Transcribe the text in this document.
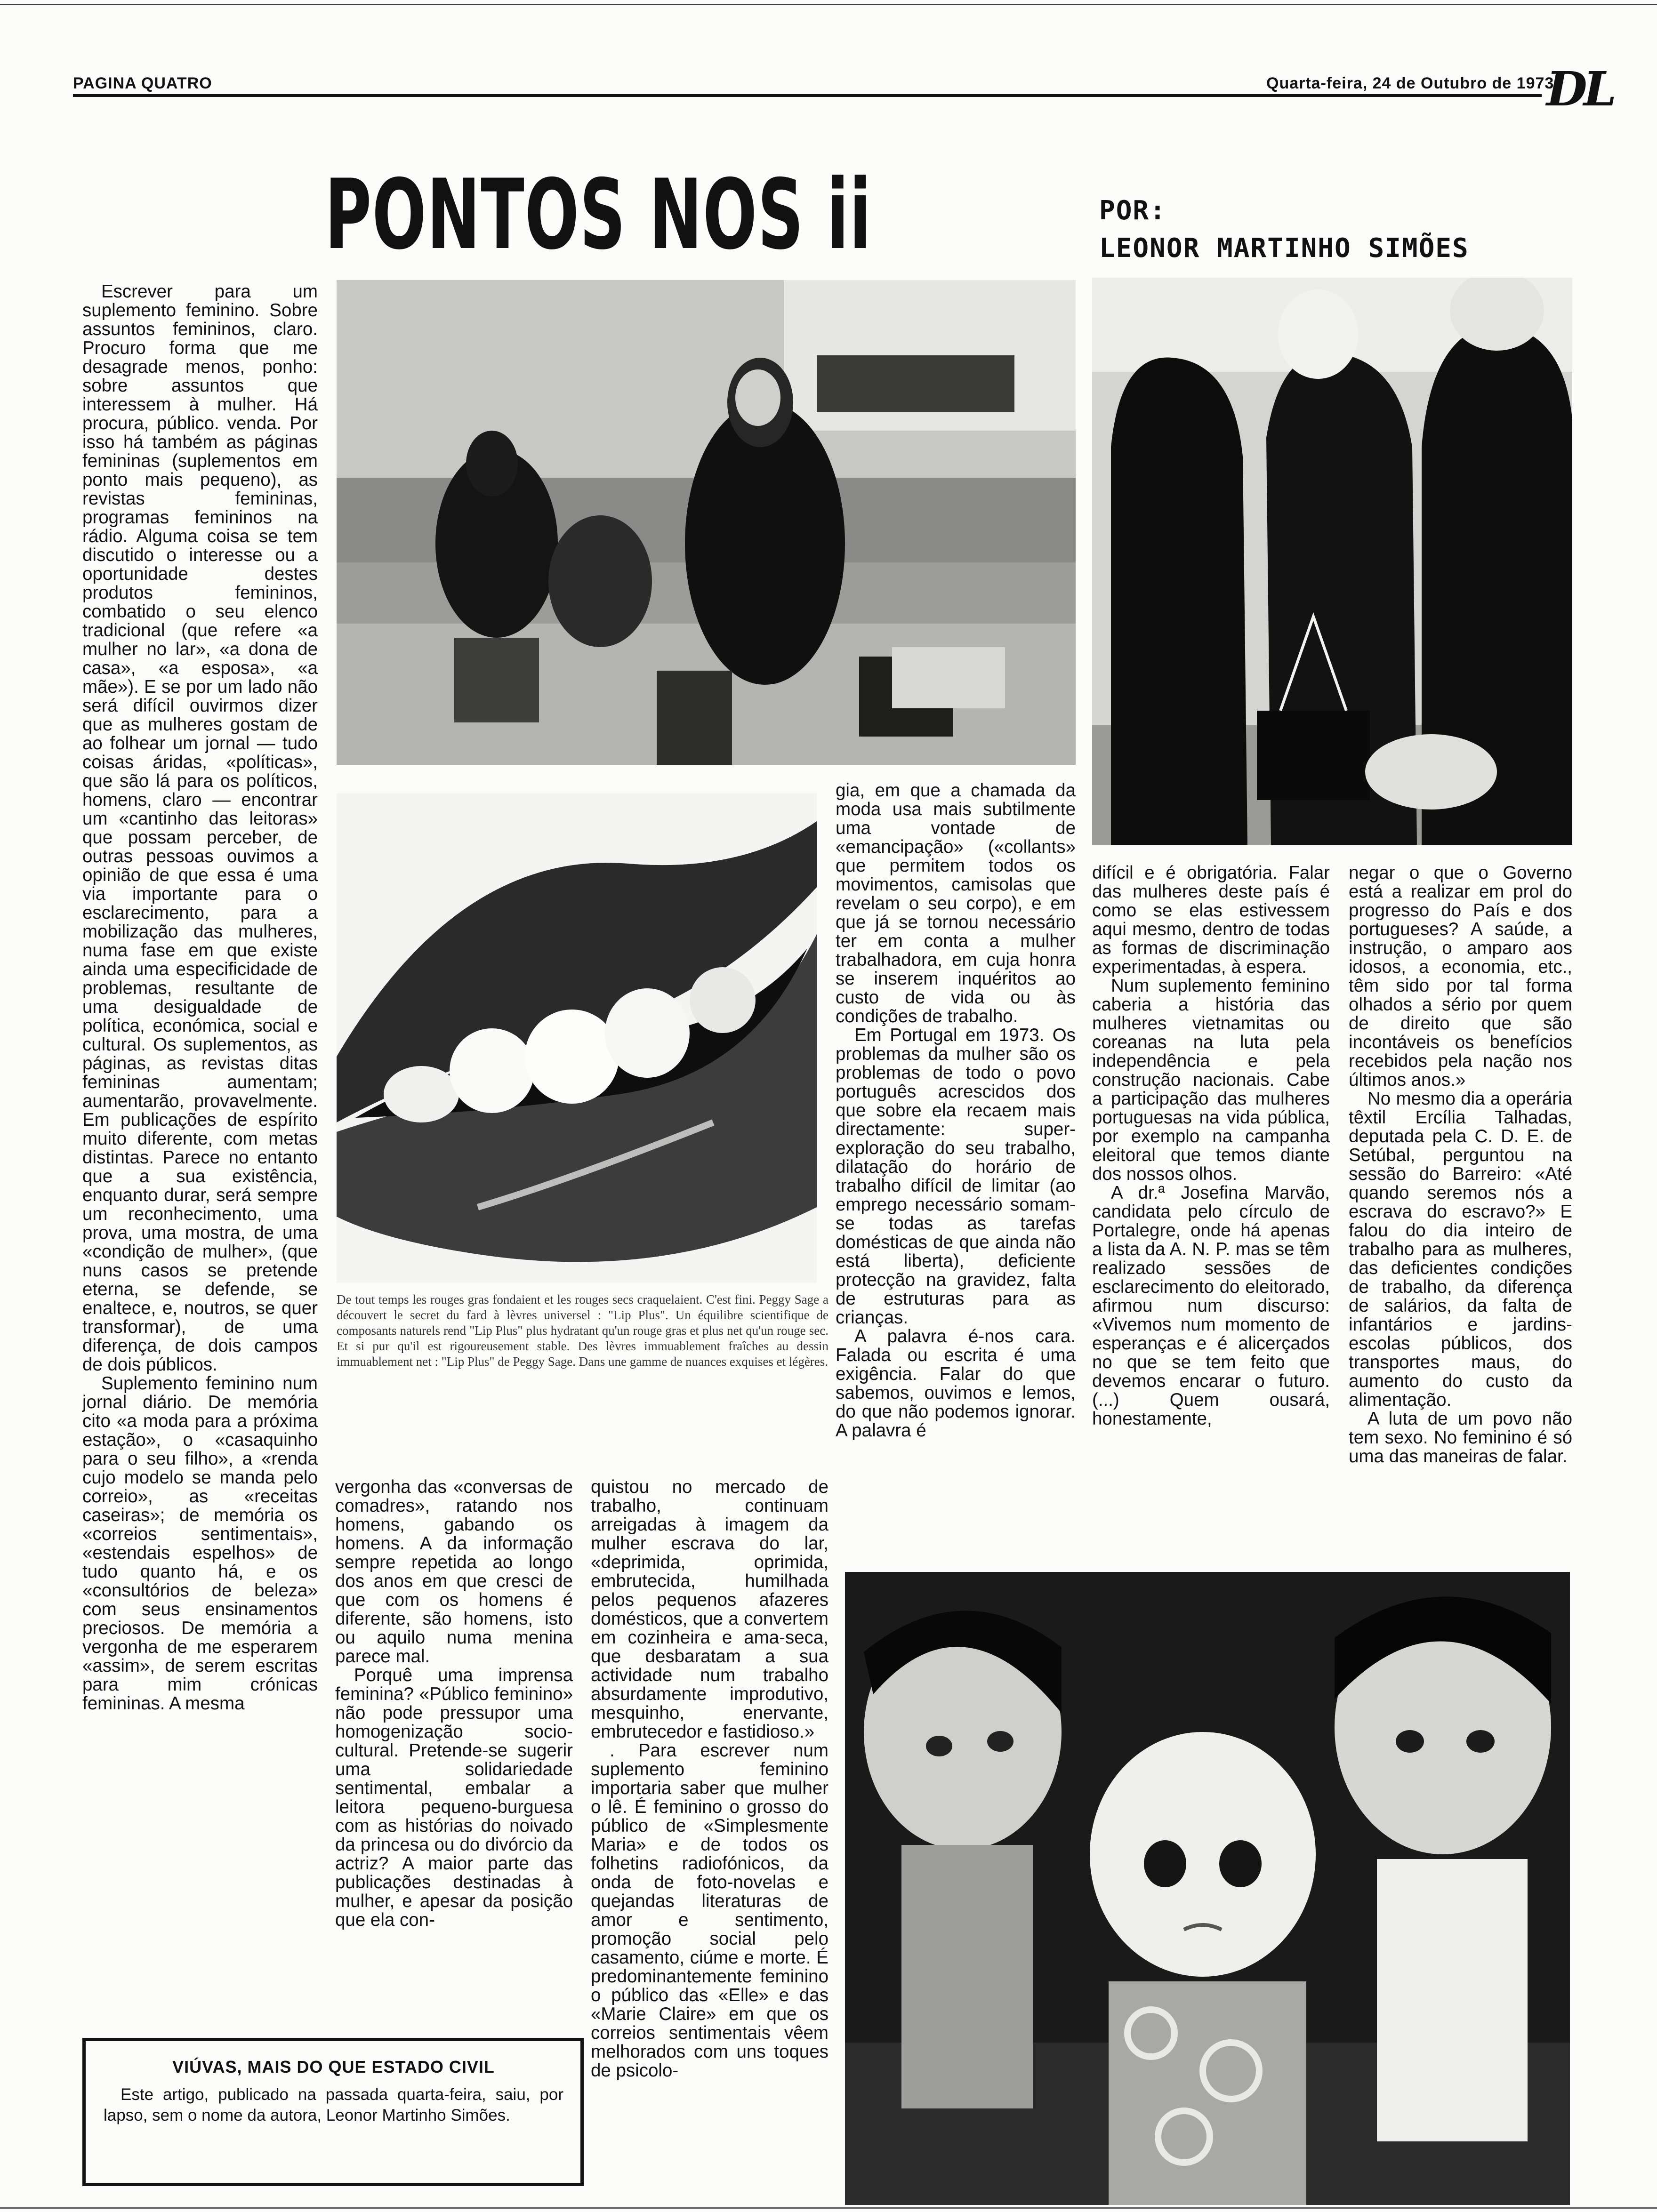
PAGINA QUATRO	Quarta-feira, 24 de Outubro de 1973
DL
PONTOS NOS ii	POR:
LEONOR MARTINHO SIMÕES
De tout temps les rouges gras fondaient et les rouges secs craquelaient. C'est fini. Peggy Sage a découvert le secret du fard à lèvres universel : "Lip Plus". Un équilibre scientifique de composants naturels rend "Lip Plus" plus hydratant qu'un rouge gras et plus net qu'un rouge sec. Et si pur qu'il est rigoureusement stable. Des lèvres immuablement fraîches au dessin immuablement net : "Lip Plus" de Peggy Sage. Dans une gamme de nuances exquises et légères.

Escrever para um suplemento feminino. Sobre assuntos femininos, claro. Procuro forma que me desagrade menos, ponho: sobre assuntos que interessem à mulher. Há procura, público. venda. Por isso há também as páginas femininas (suplementos em ponto mais pequeno), as revistas femininas, programas femininos na rádio. Alguma coisa se tem discutido o interesse ou a oportunidade destes produtos femininos, combatido o seu elenco tradicional (que refere «a mulher no lar», «a dona de casa», «a esposa», «a mãe»). E se por um lado não será difícil ouvirmos dizer que as mulheres gostam de ao folhear um jornal — tudo coisas áridas, «políticas», que são lá para os políticos, homens, claro — encontrar um «cantinho das leitoras» que possam perceber, de outras pessoas ouvimos a opinião de que essa é uma via importante para o esclarecimento, para a mobilização das mulheres, numa fase em que existe ainda uma especificidade de problemas, resultante de uma desigualdade de política, económica, social e cultural. Os suplementos, as páginas, as revistas ditas femininas aumentam; aumentarão, provavelmente. Em publicações de espírito muito diferente, com metas distintas. Parece no entanto que a sua existência, enquanto durar, será sempre um reconhecimento, uma prova, uma mostra, de uma «condição de mulher», (que nuns casos se pretende eterna, se defende, se enaltece, e, noutros, se quer transformar), de uma diferença, de dois campos de dois públicos.

Suplemento feminino num jornal diário. De memória cito «a moda para a próxima estação», o «casaquinho para o seu filho», a «renda cujo modelo se manda pelo correio», as «receitas caseiras»; de memória os «correios sentimentais», «estendais espelhos» de tudo quanto há, e os «consultórios de beleza» com seus ensinamentos preciosos. De memória a vergonha de me esperarem «assim», de serem escritas para mim crónicas femininas. A mesma

vergonha das «conversas de comadres», ratando nos homens, gabando os homens. A da informação sempre repetida ao longo dos anos em que cresci de que com os homens é diferente, são homens, isto ou aquilo numa menina parece mal.

Porquê uma imprensa feminina? «Público feminino» não pode pressupor uma homogenização socio-cultural. Pretende-se sugerir uma solidariedade sentimental, embalar a leitora pequeno-burguesa com as histórias do noivado da princesa ou do divórcio da actriz? A maior parte das publicações destinadas à mulher, e apesar da posição que ela con-

quistou no mercado de trabalho, continuam arreigadas à imagem da mulher escrava do lar, «deprimida, oprimida, embrutecida, humilhada pelos pequenos afazeres domésticos, que a convertem em cozinheira e ama-seca, que desbaratam a sua actividade num trabalho absurdamente improdutivo, mesquinho, enervante, embrutecedor e fastidioso.»

. Para escrever num suplemento feminino importaria saber que mulher o lê. É feminino o grosso do público de «Simplesmente Maria» e de todos os folhetins radiofónicos, da onda de foto-novelas e quejandas literaturas de amor e sentimento, promoção social pelo casamento, ciúme e morte. É predominantemente feminino o público das «Elle» e das «Marie Claire» em que os correios sentimentais vêem melhorados com uns toques de psicolo-

gia, em que a chamada da moda usa mais subtilmente uma vontade de «emancipação» («collants» que permitem todos os movimentos, camisolas que revelam o seu corpo), e em que já se tornou necessário ter em conta a mulher trabalhadora, em cuja honra se inserem inquéritos ao custo de vida ou às condições de trabalho.

Em Portugal em 1973. Os problemas da mulher são os problemas de todo o povo português acrescidos dos que sobre ela recaem mais directamente: super-exploração do seu trabalho, dilatação do horário de trabalho difícil de limitar (ao emprego necessário somam-se todas as tarefas domésticas de que ainda não está liberta), deficiente protecção na gravidez, falta de estruturas para as crianças.

A palavra é-nos cara. Falada ou escrita é uma exigência. Falar do que sabemos, ouvimos e lemos, do que não podemos ignorar. A palavra é

difícil e é obrigatória. Falar das mulheres deste país é como se elas estivessem aqui mesmo, dentro de todas as formas de discriminação experimentadas, à espera.

Num suplemento feminino caberia a história das mulheres vietnamitas ou coreanas na luta pela independência e pela construção nacionais. Cabe a participação das mulheres portuguesas na vida pública, por exemplo na campanha eleitoral que temos diante dos nossos olhos.

A dr.ª Josefina Marvão, candidata pelo círculo de Portalegre, onde há apenas a lista da A. N. P. mas se têm realizado sessões de esclarecimento do eleitorado, afirmou num discurso: «Vivemos num momento de esperanças e é alicerçados no que se tem feito que devemos encarar o futuro. (...) Quem ousará, honestamente,

negar o que o Governo está a realizar em prol do progresso do País e dos portugueses? A saúde, a instrução, o amparo aos idosos, a economia, etc., têm sido por tal forma olhados a sério por quem de direito que são incontáveis os benefícios recebidos pela nação nos últimos anos.»

No mesmo dia a operária têxtil Ercília Talhadas, deputada pela C. D. E. de Setúbal, perguntou na sessão do Barreiro: «Até quando seremos nós a escrava do escravo?» E falou do dia inteiro de trabalho para as mulheres, das deficientes condições de trabalho, da diferença de salários, da falta de infantários e jardins-escolas públicos, dos transportes maus, do aumento do custo da alimentação.

A luta de um povo não tem sexo. No feminino é só uma das maneiras de falar.

VIÚVAS, MAIS DO QUE ESTADO CIVIL
Este artigo, publicado na passada quarta-feira, saiu, por lapso, sem o nome da autora, Leonor Martinho Simões.
